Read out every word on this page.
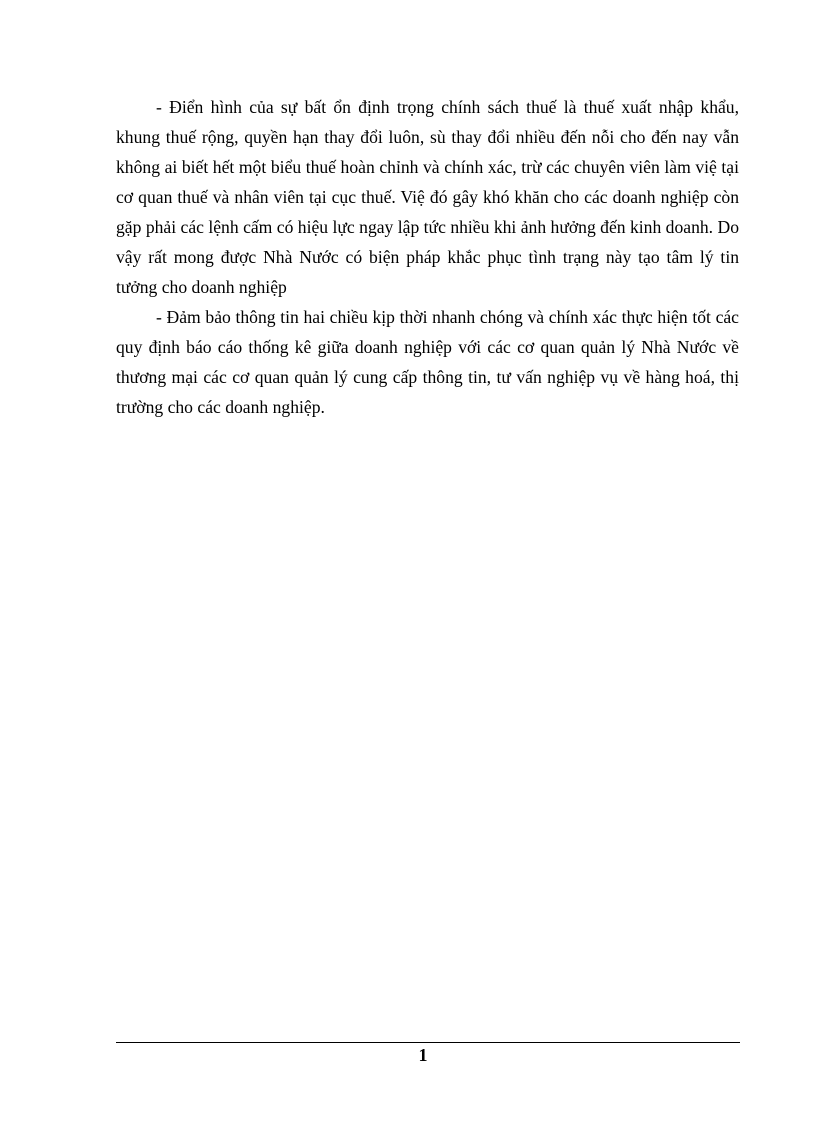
- Điển hình của sự bất ổn định trọng chính sách thuế là thuế xuất nhập khẩu, khung thuế rộng, quyền hạn thay đổi luôn, sù thay đổi nhiều đến nỗi cho đến nay vẫn không ai biết hết một biểu thuế hoàn chỉnh và chính xác, trừ các chuyên viên làm việ tại cơ quan thuế và nhân viên tại cục thuế. Việ đó gây khó khăn cho các doanh nghiệp còn gặp phải các lệnh cấm có hiệu lực ngay lập tức nhiều khi ảnh hưởng đến kinh doanh. Do vậy rất mong được Nhà Nước có biện pháp khắc phục tình trạng này tạo tâm lý tin tưởng cho doanh nghiệp

- Đảm bảo thông tin hai chiều kịp thời nhanh chóng và chính xác thực hiện tốt các quy định báo cáo thống kê giữa doanh nghiệp với các cơ quan quản lý Nhà Nước về thương mại các cơ quan quản lý cung cấp thông tin, tư vấn nghiệp vụ về hàng hoá, thị trường cho các doanh nghiệp.

1
